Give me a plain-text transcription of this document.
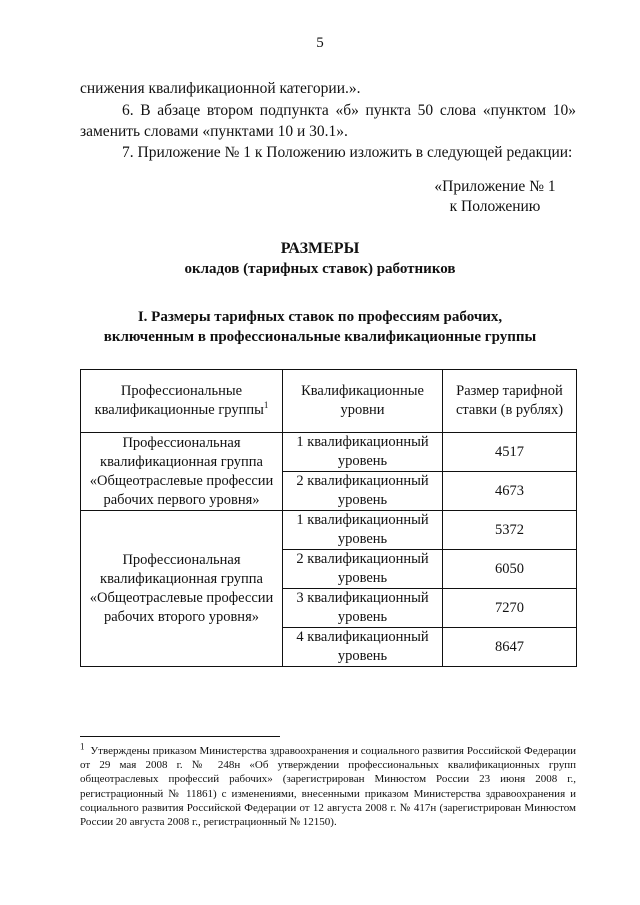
5
снижения квалификационной категории.».
6. В абзаце втором подпункта «б» пункта 50 слова «пунктом 10»
заменить словами «пунктами 10 и 30.1».
7. Приложение № 1 к Положению изложить в следующей редакции:
«Приложение № 1
к Положению
РАЗМЕРЫ
окладов (тарифных ставок) работников
I. Размеры тарифных ставок по профессиям рабочих,
включенным в профессиональные квалификационные группы
Профессиональные квалификационные группы$^1$	Квалификационные уровни	Размер тарифной ставки (в рублях)
Профессиональная квалификационная группа «Общеотраслевые профессии рабочих первого уровня»	1 квалификационный уровень	4517
	2 квалификационный уровень	4673
Профессиональная квалификационная группа «Общеотраслевые профессии рабочих второго уровня»	1 квалификационный уровень	5372
	2 квалификационный уровень	6050
	3 квалификационный уровень	7270
	4 квалификационный уровень	8647
$^1$ Утверждены приказом Министерства здравоохранения и социального развития Российской Федерации от 29 мая 2008 г. № 248н «Об утверждении профессиональных квалификационных групп общеотраслевых профессий рабочих» (зарегистрирован Минюстом России 23 июня 2008 г., регистрационный № 11861) с изменениями, внесенными приказом Министерства здравоохранения и социального развития Российской Федерации от 12 августа 2008 г. № 417н (зарегистрирован Минюстом России 20 августа 2008 г., регистрационный № 12150).
